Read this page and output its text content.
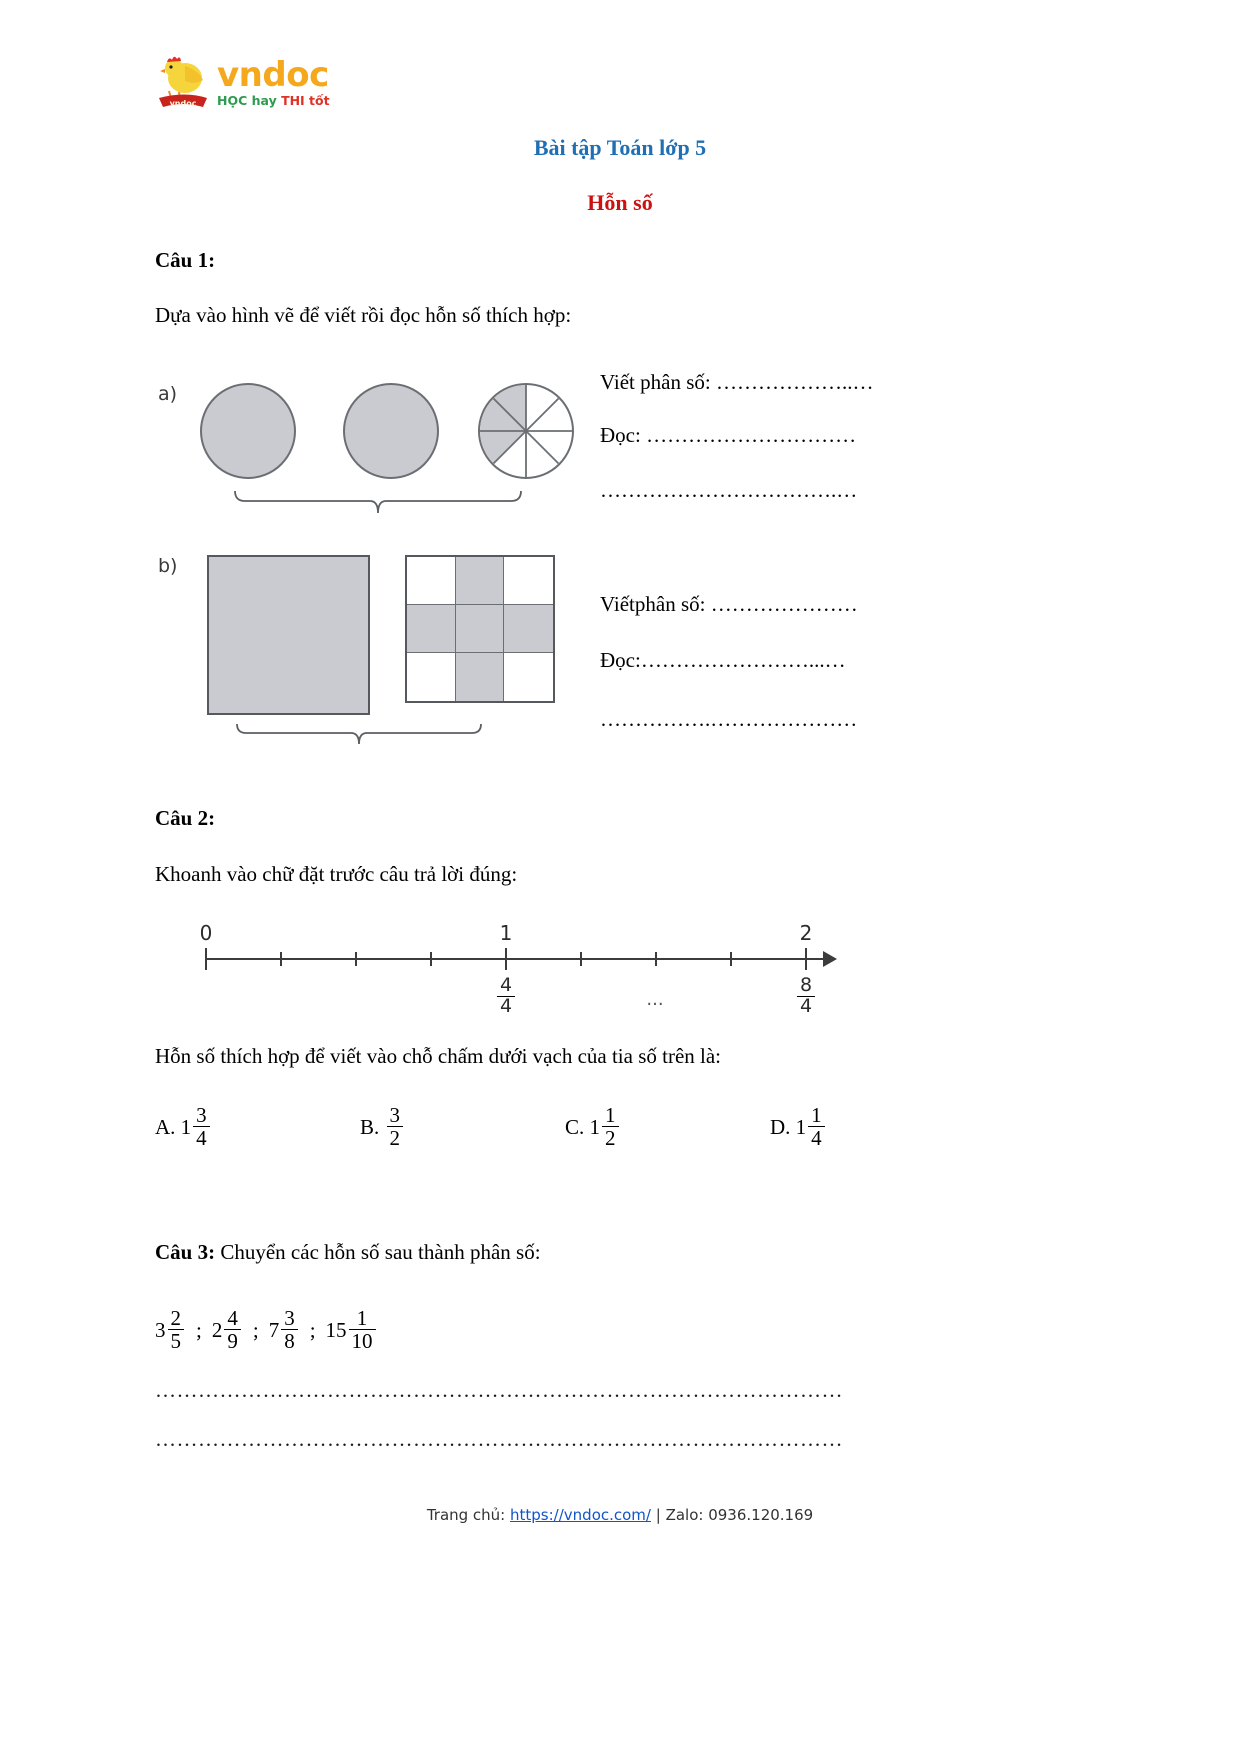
vndoc
vndoc
HỌC hay THI tốt
Bài tập Toán lớp 5
Hỗn số
Câu 1:
Dựa vào hình vẽ để viết rồi đọc hỗn số thích hợp:
a)
b)
Viết phân số: ………………..…
Đọc: …………………………
…………………………….…
Viếtphân số: …………………
Đọc:……………………...…
…………….…………………
Câu 2:
Khoanh vào chữ đặt trước câu trả lời đúng:
0	1
$\frac{4}{4}$
2
$\frac{8}{4}$
...
Hỗn số thích hợp để viết vào chỗ chấm dưới vạch của tia số trên là:
A. $1 \frac{3}{4}$	B. $\frac{3}{2}$	C. $1 \frac{1}{2}$	D. $1 \frac{1}{4}$
Câu 3: Chuyển các hỗn số sau thành phân số:
$3 \frac{2}{5}$ ; $2 \frac{4}{9}$ ; $7 \frac{3}{8}$ ; $15 \frac{1}{10}$
……………………………………………………………………………………
……………………………………………………………………………………
Trang chủ: https://vndoc.com/ | Zalo: 0936.120.169
